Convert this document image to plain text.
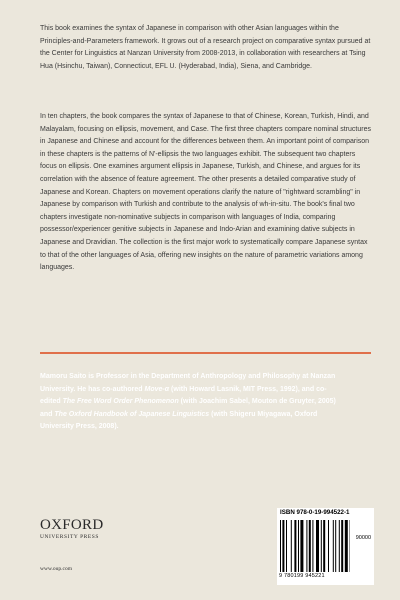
This book examines the syntax of Japanese in comparison with other Asian languages within the Principles-and-Parameters framework. It grows out of a research project on comparative syntax pursued at the Center for Linguistics at Nanzan University from 2008-2013, in collaboration with researchers at Tsing Hua (Hsinchu, Taiwan), Connecticut, EFL U. (Hyderabad, India), Siena, and Cambridge.

In ten chapters, the book compares the syntax of Japanese to that of Chinese, Korean, Turkish, Hindi, and Malayalam, focusing on ellipsis, movement, and Case. The first three chapters compare nominal structures in Japanese and Chinese and account for the differences between them. An important point of comparison in these chapters is the patterns of N'-ellipsis the two languages exhibit. The subsequent two chapters focus on ellipsis. One examines argument ellipsis in Japanese, Turkish, and Chinese, and argues for its correlation with the absence of feature agreement. The other presents a detailed comparative study of Japanese and Korean. Chapters on movement operations clarify the nature of "rightward scrambling" in Japanese by comparison with Turkish and contribute to the analysis of wh-in-situ. The book's final two chapters investigate non-nominative subjects in comparison with languages of India, comparing possessor/experiencer genitive subjects in Japanese and Indo-Arian and examining dative subjects in Japanese and Dravidian. The collection is the first major work to systematically compare Japanese syntax to that of the other languages of Asia, offering new insights on the nature of parametric variations among languages.

Mamoru Saito is Professor in the Department of Anthropology and Philosophy at Nanzan University. He has co-authored Move-α (with Howard Lasnik, MIT Press, 1992), and co-edited The Free Word Order Phenomenon (with Joachim Sabel, Mouton de Gruyter, 2005) and The Oxford Handbook of Japanese Linguistics (with Shigeru Miyagawa, Oxford University Press, 2008).

OXFORD
UNIVERSITY PRESS
www.oup.com
ISBN 978-0-19-994522-1
90000
9 780199 945221
